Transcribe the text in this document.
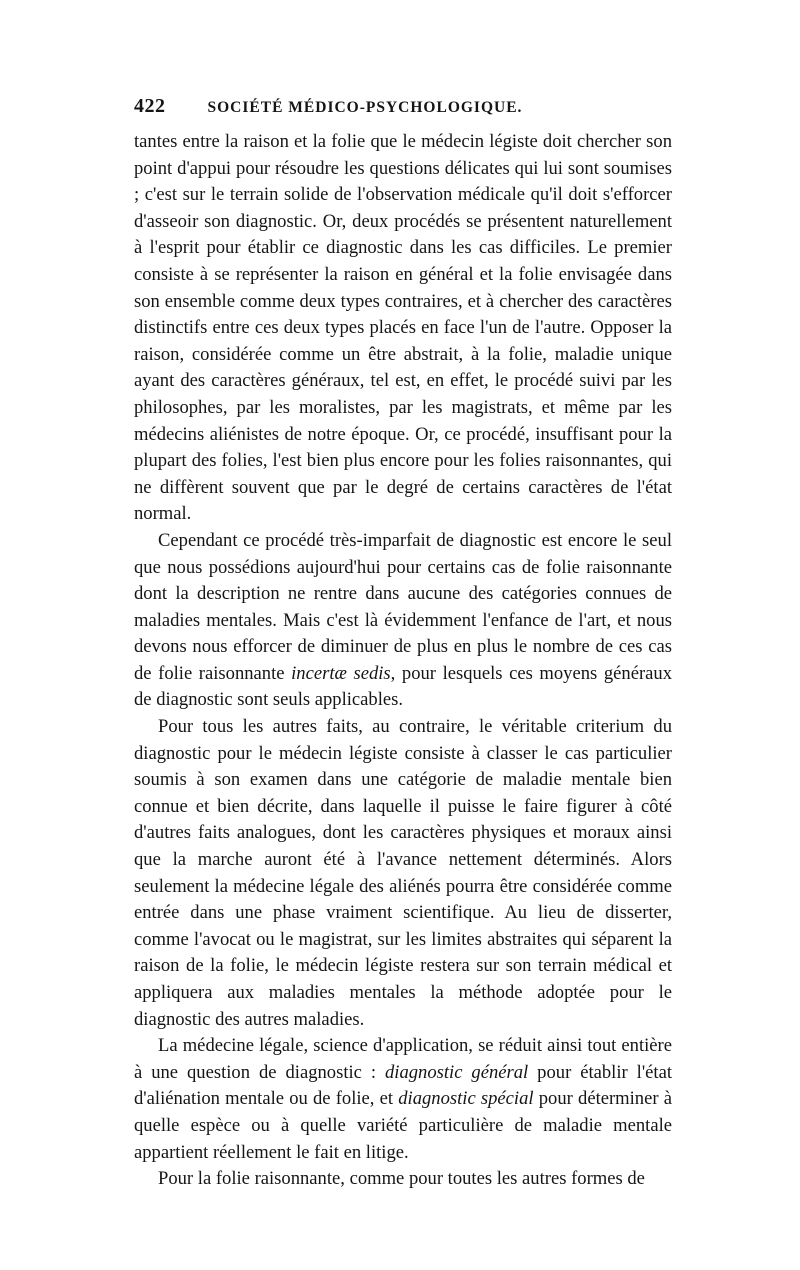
422	SOCIÉTÉ MÉDICO-PSYCHOLOGIQUE.

tantes entre la raison et la folie que le médecin légiste doit chercher son point d'appui pour résoudre les questions délicates qui lui sont soumises ; c'est sur le terrain solide de l'observation médicale qu'il doit s'efforcer d'asseoir son diagnostic. Or, deux procédés se présentent naturellement à l'esprit pour établir ce diagnostic dans les cas difficiles. Le premier consiste à se représenter la raison en général et la folie envisagée dans son ensemble comme deux types contraires, et à chercher des caractères distinctifs entre ces deux types placés en face l'un de l'autre. Opposer la raison, considérée comme un être abstrait, à la folie, maladie unique ayant des caractères généraux, tel est, en effet, le procédé suivi par les philosophes, par les moralistes, par les magistrats, et même par les médecins aliénistes de notre époque. Or, ce procédé, insuffisant pour la plupart des folies, l'est bien plus encore pour les folies raisonnantes, qui ne diffèrent souvent que par le degré de certains caractères de l'état normal.

Cependant ce procédé très-imparfait de diagnostic est encore le seul que nous possédions aujourd'hui pour certains cas de folie raisonnante dont la description ne rentre dans aucune des catégories connues de maladies mentales. Mais c'est là évidemment l'enfance de l'art, et nous devons nous efforcer de diminuer de plus en plus le nombre de ces cas de folie raisonnante incertæ sedis, pour lesquels ces moyens généraux de diagnostic sont seuls applicables.

Pour tous les autres faits, au contraire, le véritable criterium du diagnostic pour le médecin légiste consiste à classer le cas particulier soumis à son examen dans une catégorie de maladie mentale bien connue et bien décrite, dans laquelle il puisse le faire figurer à côté d'autres faits analogues, dont les caractères physiques et moraux ainsi que la marche auront été à l'avance nettement déterminés. Alors seulement la médecine légale des aliénés pourra être considérée comme entrée dans une phase vraiment scientifique. Au lieu de disserter, comme l'avocat ou le magistrat, sur les limites abstraites qui séparent la raison de la folie, le médecin légiste restera sur son terrain médical et appliquera aux maladies mentales la méthode adoptée pour le diagnostic des autres maladies.

La médecine légale, science d'application, se réduit ainsi tout entière à une question de diagnostic : diagnostic général pour établir l'état d'aliénation mentale ou de folie, et diagnostic spécial pour déterminer à quelle espèce ou à quelle variété particulière de maladie mentale appartient réellement le fait en litige.

Pour la folie raisonnante, comme pour toutes les autres formes de
